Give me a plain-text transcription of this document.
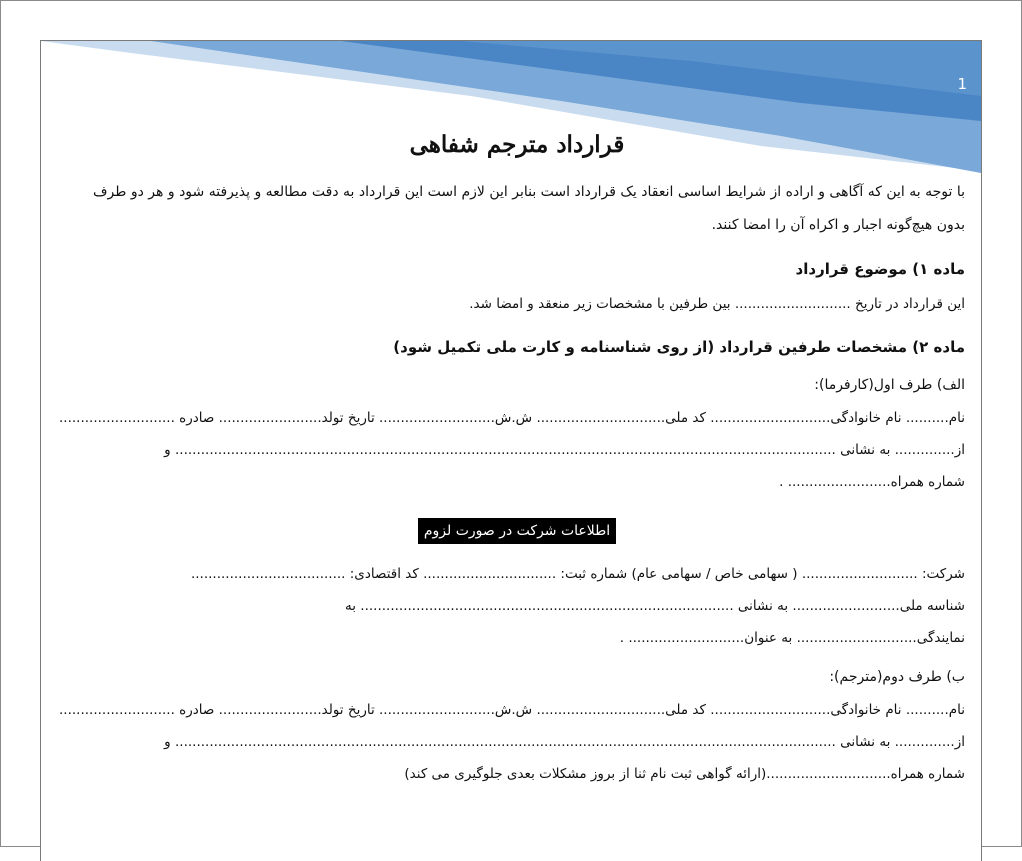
1
قرارداد مترجم شفاهی

با توجه به این که آگاهی و اراده از شرایط اساسی انعقاد یک قرارداد است بنابر این لازم است این قرارداد به دقت مطالعه و پذیرفته شود و هر دو طرف بدون هیچ‌گونه اجبار و اکراه آن را امضا کنند.

ماده ۱) موضوع قرارداد
این قرارداد در تاریخ ........................... بین طرفین با مشخصات زیر منعقد و امضا شد.
ماده ۲) مشخصات طرفین قرارداد (از روی شناسنامه و کارت ملی تکمیل شود)
الف) طرف اول(کارفرما):
نام.......... نام خانوادگی............................ کد ملی.............................. ش.ش........................... تاریخ تولد........................ صادره ...........................
از.............. به نشانی .......................................................................................................................................................... و
شماره همراه........................ .
اطلاعات شرکت در صورت لزوم
شرکت: ........................... ( سهامی خاص / سهامی عام) شماره ثبت: ............................... کد اقتصادی: ....................................
شناسه ملی......................... به نشانی ....................................................................................... به
نمایندگی............................ به عنوان........................... .
ب) طرف دوم(مترجم):
نام.......... نام خانوادگی............................ کد ملی.............................. ش.ش........................... تاریخ تولد........................ صادره ...........................
از.............. به نشانی .......................................................................................................................................................... و
شماره همراه.............................(ارائه گواهی ثبت نام ثنا از بروز مشکلات بعدی جلوگیری می کند)
